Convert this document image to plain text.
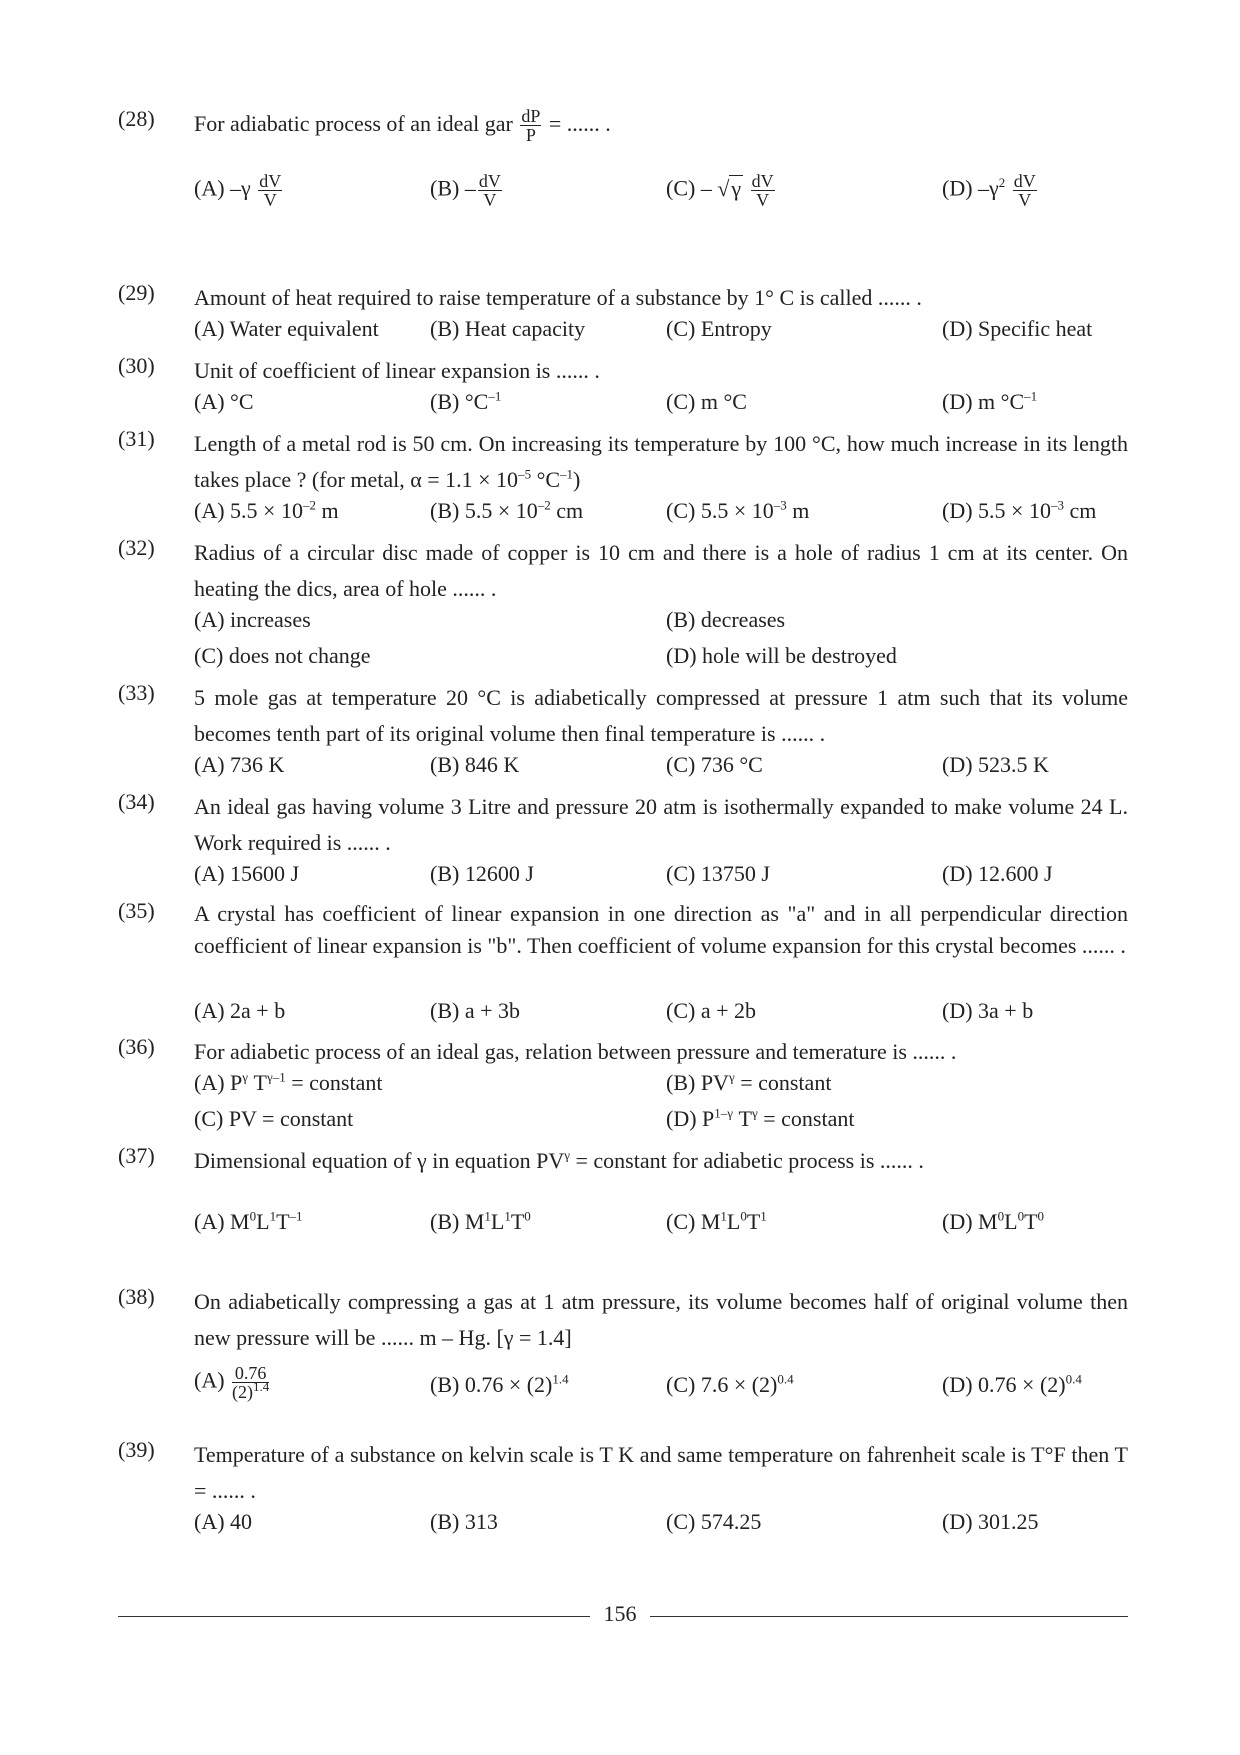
(28)	For adiabatic process of an ideal gar $\frac{dP}{P}$ = ...... .
(A) $-\gamma \frac{dV}{V}$	$(B) - \frac{dV}{V}$	$(C) - √\gamma \frac{dV}{V}$	(D) $-\gamma^2 \frac{dV}{V}$
(29)	Amount of heat required to raise temperature of a substance by 1° C is called ...... .
(A) Water equivalent (B) Heat capacity	(C) Entropy	(D) Specific heat
(30)	Unit of coefficient of linear expansion is ...... .
(A) °C	(B) $^\circ C^{-1}$	(C) m °C	(D) m $^\circ C^{-1}$
(31)	Length of a metal rod is 50 cm. On increasing its temperature by 100 °C, how much increase in its length takes place ? (for metal, $\alpha = 1.1 \times 10^{-5}$ $^\circ C^{-1}$)
(A) $5.5 \times 10^{-2}$ m	(B) $5.5 \times 10^{-2}$ cm	(C) $5.5 \times 10^{-3}$ m	(D) $5.5 \times 10^{-3}$ cm
(32)	Radius of a circular disc made of copper is 10 cm and there is a hole of radius 1 cm at its center. On heating the dics, area of hole ...... .
(A) increases	(B) decreases
(C) does not change	(D) hole will be destroyed
(33)	5 mole gas at temperature 20 °C is adiabetically compressed at pressure 1 atm such that its volume becomes tenth part of its original volume then final temperature is ...... .
(A) 736 K	(B) 846 K	(C) 736 °C	(D) 523.5 K
(34)	An ideal gas having volume 3 Litre and pressure 20 atm is isothermally expanded to make volume 24 L. Work required is ...... .
(A) 15600 J	(B) 12600 J	(C) 13750 J	(D) 12.600 J
(35)	A crystal has coefficient of linear expansion in one direction as "a" and in all perpendicular direction coefficient of linear expansion is "b". Then coefficient of volume expansion for this crystal becomes ...... .
(A) 2a + b	(B) a + 3b	(C) a + 2b	(D) 3a + b
(36)	For adiabetic process of an ideal gas, relation between pressure and temerature is ...... .
(A) $P^\gamma$ $T^{\gamma-1}$ = constant	(B) $PV^\gamma$ = constant
(C) PV = constant	(D) $P^{1-\gamma}$ $T^\gamma$ = constant
(37)	Dimensional equation of γ in equation $PV^\gamma$ = constant for adiabetic process is ...... .
(A) $M^0L^1T^{-1}$	(B) $M^1L^1T^0$	(C) $M^1L^0T^1$	(D) $M^0L^0T^0$
(38)	On adiabetically compressing a gas at 1 atm pressure, its volume becomes half of original volume then new pressure will be ...... m – Hg. [γ = 1.4]
$(A) \frac{0.76}{(2)^{1.4}}$	(B) $0.76 \times (2)^{1.4}$	(C) $7.6 \times (2)^{0.4}$	(D) $0.76 \times (2)^{0.4}$
(39)	Temperature of a substance on kelvin scale is T K and same temperature on fahrenheit scale is T°F then T = ...... .
(A) 40	(B) 313	(C) 574.25	(D) 301.25
156
